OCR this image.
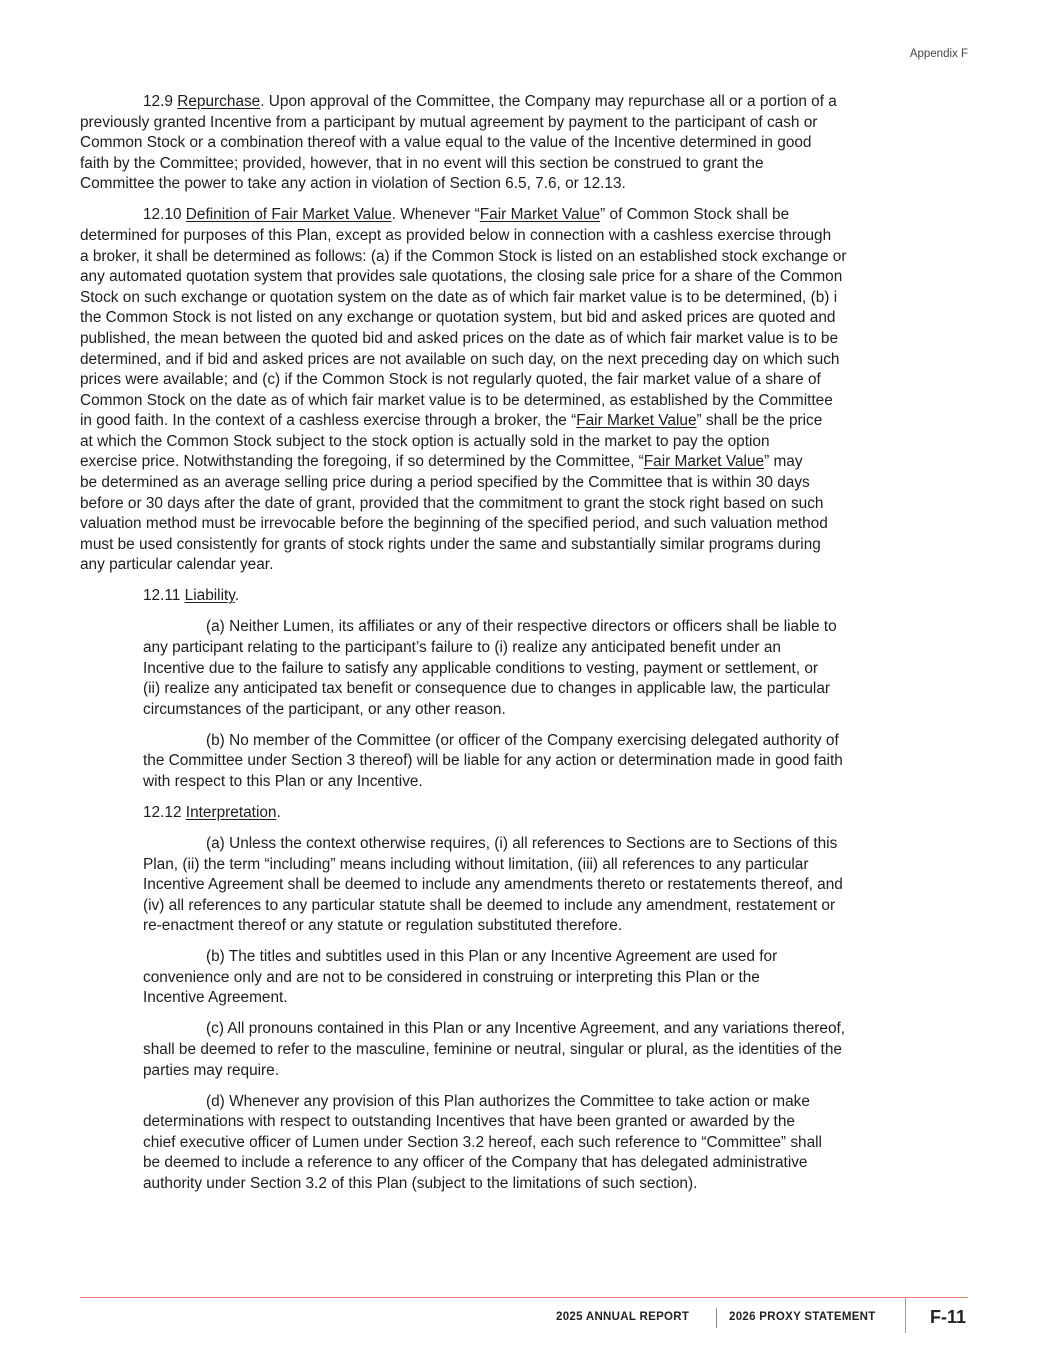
Appendix F
12.9 Repurchase. Upon approval of the Committee, the Company may repurchase all or a portion of a
previously granted Incentive from a participant by mutual agreement by payment to the participant of cash or
Common Stock or a combination thereof with a value equal to the value of the Incentive determined in good
faith by the Committee; provided, however, that in no event will this section be construed to grant the
Committee the power to take any action in violation of Section 6.5, 7.6, or 12.13.
12.10 Definition of Fair Market Value. Whenever “Fair Market Value” of Common Stock shall be
determined for purposes of this Plan, except as provided below in connection with a cashless exercise through
a broker, it shall be determined as follows: (a) if the Common Stock is listed on an established stock exchange or
any automated quotation system that provides sale quotations, the closing sale price for a share of the Common
Stock on such exchange or quotation system on the date as of which fair market value is to be determined, (b) i
the Common Stock is not listed on any exchange or quotation system, but bid and asked prices are quoted and
published, the mean between the quoted bid and asked prices on the date as of which fair market value is to be
determined, and if bid and asked prices are not available on such day, on the next preceding day on which such
prices were available; and (c) if the Common Stock is not regularly quoted, the fair market value of a share of
Common Stock on the date as of which fair market value is to be determined, as established by the Committee
in good faith. In the context of a cashless exercise through a broker, the “Fair Market Value” shall be the price
at which the Common Stock subject to the stock option is actually sold in the market to pay the option
exercise price. Notwithstanding the foregoing, if so determined by the Committee, “Fair Market Value” may
be determined as an average selling price during a period specified by the Committee that is within 30 days
before or 30 days after the date of grant, provided that the commitment to grant the stock right based on such
valuation method must be irrevocable before the beginning of the specified period, and such valuation method
must be used consistently for grants of stock rights under the same and substantially similar programs during
any particular calendar year.
12.11 Liability.
(a) Neither Lumen, its affiliates or any of their respective directors or officers shall be liable to
any participant relating to the participant’s failure to (i) realize any anticipated benefit under an
Incentive due to the failure to satisfy any applicable conditions to vesting, payment or settlement, or
(ii) realize any anticipated tax benefit or consequence due to changes in applicable law, the particular
circumstances of the participant, or any other reason.
(b) No member of the Committee (or officer of the Company exercising delegated authority of
the Committee under Section 3 thereof) will be liable for any action or determination made in good faith
with respect to this Plan or any Incentive.
12.12 Interpretation.
(a) Unless the context otherwise requires, (i) all references to Sections are to Sections of this
Plan, (ii) the term “including” means including without limitation, (iii) all references to any particular
Incentive Agreement shall be deemed to include any amendments thereto or restatements thereof, and
(iv) all references to any particular statute shall be deemed to include any amendment, restatement or
re-enactment thereof or any statute or regulation substituted therefore.
(b) The titles and subtitles used in this Plan or any Incentive Agreement are used for
convenience only and are not to be considered in construing or interpreting this Plan or the
Incentive Agreement.
(c) All pronouns contained in this Plan or any Incentive Agreement, and any variations thereof,
shall be deemed to refer to the masculine, feminine or neutral, singular or plural, as the identities of the
parties may require.
(d) Whenever any provision of this Plan authorizes the Committee to take action or make
determinations with respect to outstanding Incentives that have been granted or awarded by the
chief executive officer of Lumen under Section 3.2 hereof, each such reference to “Committee” shall
be deemed to include a reference to any officer of the Company that has delegated administrative
authority under Section 3.2 of this Plan (subject to the limitations of such section).
2025 ANNUAL REPORT	2026 PROXY STATEMENT	F-11
